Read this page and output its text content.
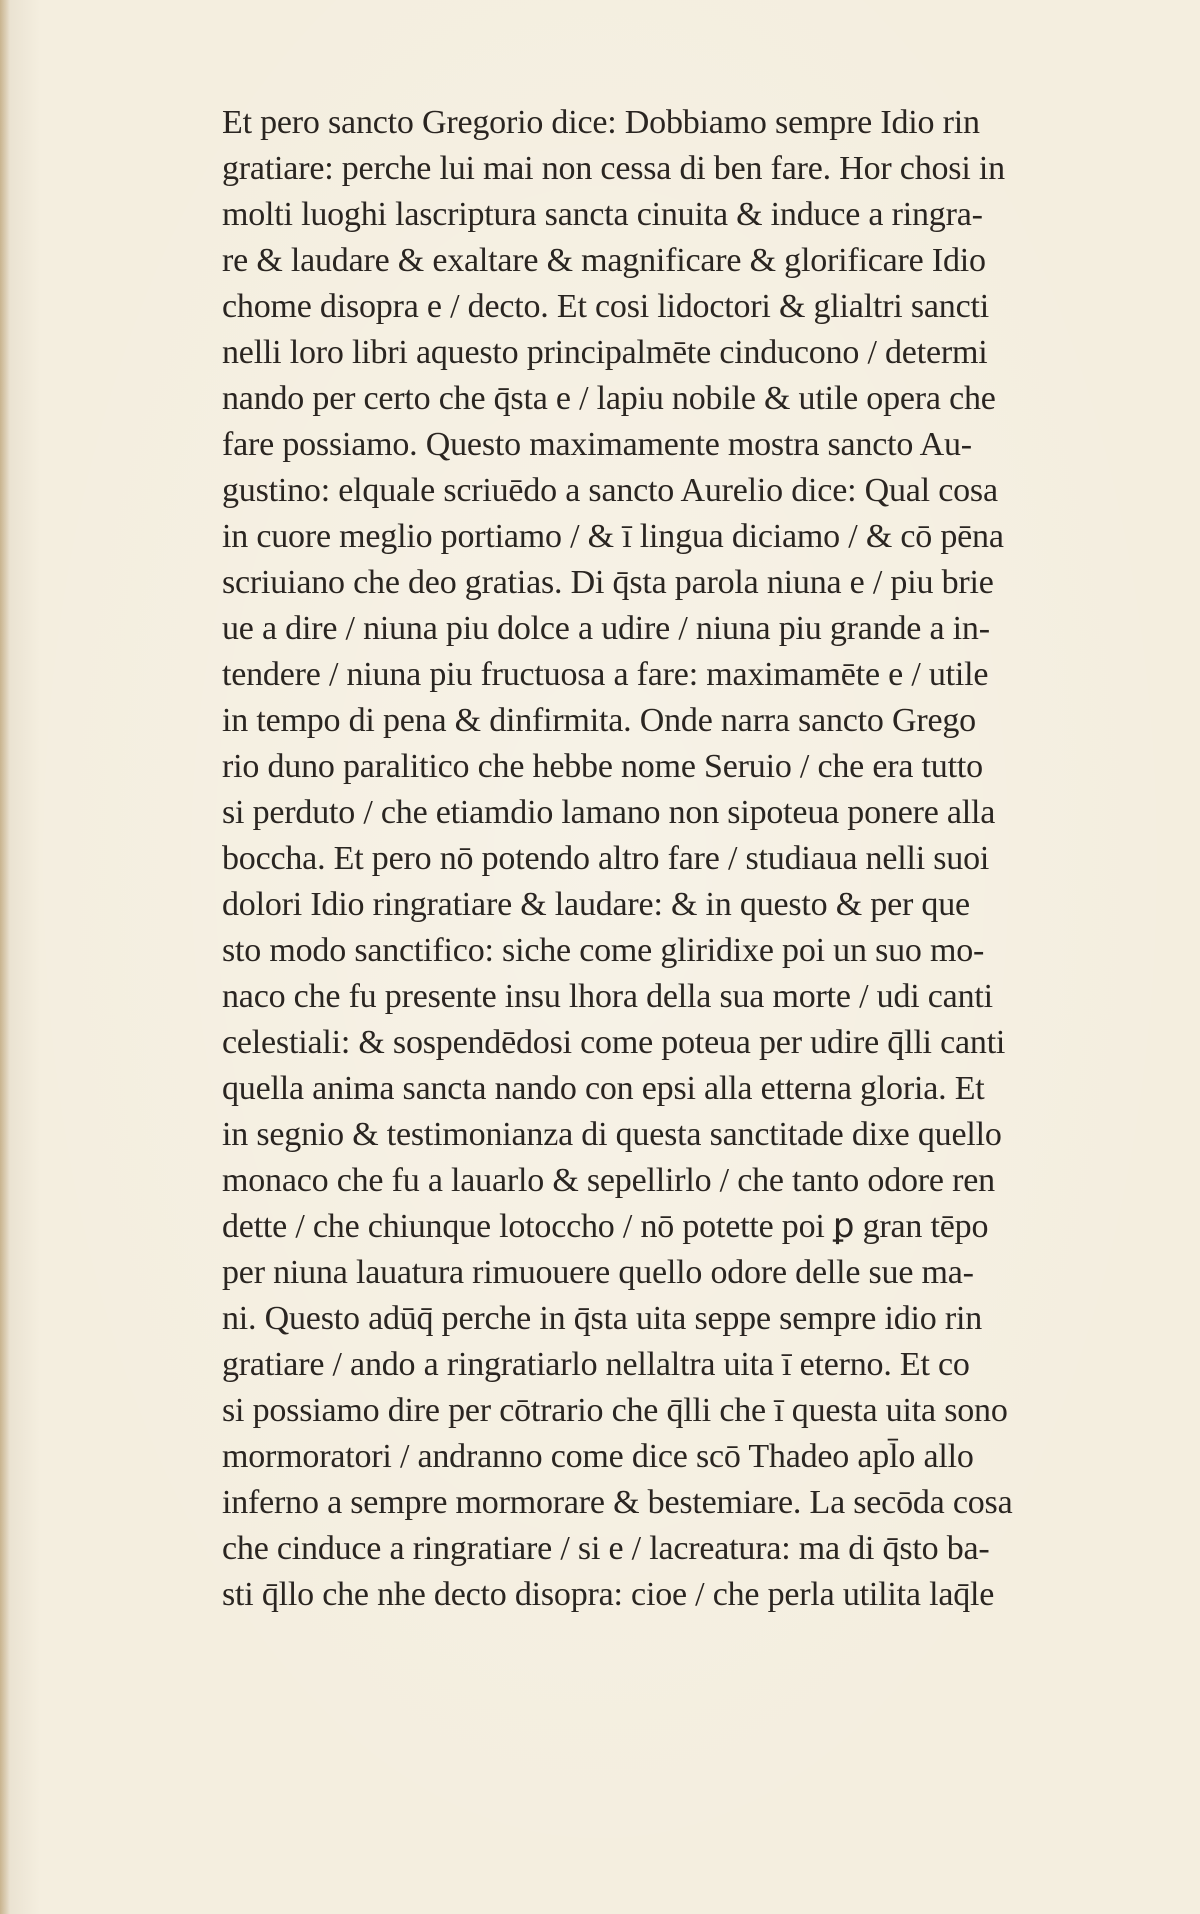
Et pero sancto Gregorio dice: Dobbiamo sempre Idio rin
gratiare: perche lui mai non cessa di ben fare. Hor chosi in
molti luoghi lascriptura sancta cinuita & induce a ringra-
re & laudare & exaltare & magnificare & glorificare Idio
chome disopra e / decto. Et cosi lidoctori & glialtri sancti
nelli loro libri aquesto principalmēte cinducono / determi
nando per certo che q̄sta e / lapiu nobile & utile opera che
fare possiamo. Questo maximamente mostra sancto Au-
gustino: elquale scriuēdo a sancto Aurelio dice: Qual cosa
in cuore meglio portiamo / & ī lingua diciamo / & cō pēna
scriuiano che deo gratias. Di q̄sta parola niuna e / piu brie
ue a dire / niuna piu dolce a udire / niuna piu grande a in-
tendere / niuna piu fructuosa a fare: maximamēte e / utile
in tempo di pena & dinfirmita. Onde narra sancto Grego
rio duno paralitico che hebbe nome Seruio / che era tutto
si perduto / che etiamdio lamano non sipoteua ponere alla
boccha. Et pero nō potendo altro fare / studiaua nelli suoi
dolori Idio ringratiare & laudare: & in questo & per que
sto modo sanctifico: siche come gliridixe poi un suo mo-
naco che fu presente insu lhora della sua morte / udi canti
celestiali: & sospendēdosi come poteua per udire q̄lli canti
quella anima sancta nando con epsi alla etterna gloria. Et
in segnio & testimonianza di questa sanctitade dixe quello
monaco che fu a lauarlo & sepellirlo / che tanto odore ren
dette / che chiunque lotoccho / nō potette poi ꝑ gran tēpo
per niuna lauatura rimuouere quello odore delle sue ma-
ni. Questo adūq̄ perche in q̄sta uita seppe sempre idio rin
gratiare / ando a ringratiarlo nellaltra uita ī eterno. Et co
si possiamo dire per cōtrario che q̄lli che ī questa uita sono
mormoratori / andranno come dice scō Thadeo apl̄o allo
inferno a sempre mormorare & bestemiare. La secōda cosa
che cinduce a ringratiare / si e / lacreatura: ma di q̄sto ba-
sti q̄llo che nhe decto disopra: cioe / che perla utilita laq̄le
